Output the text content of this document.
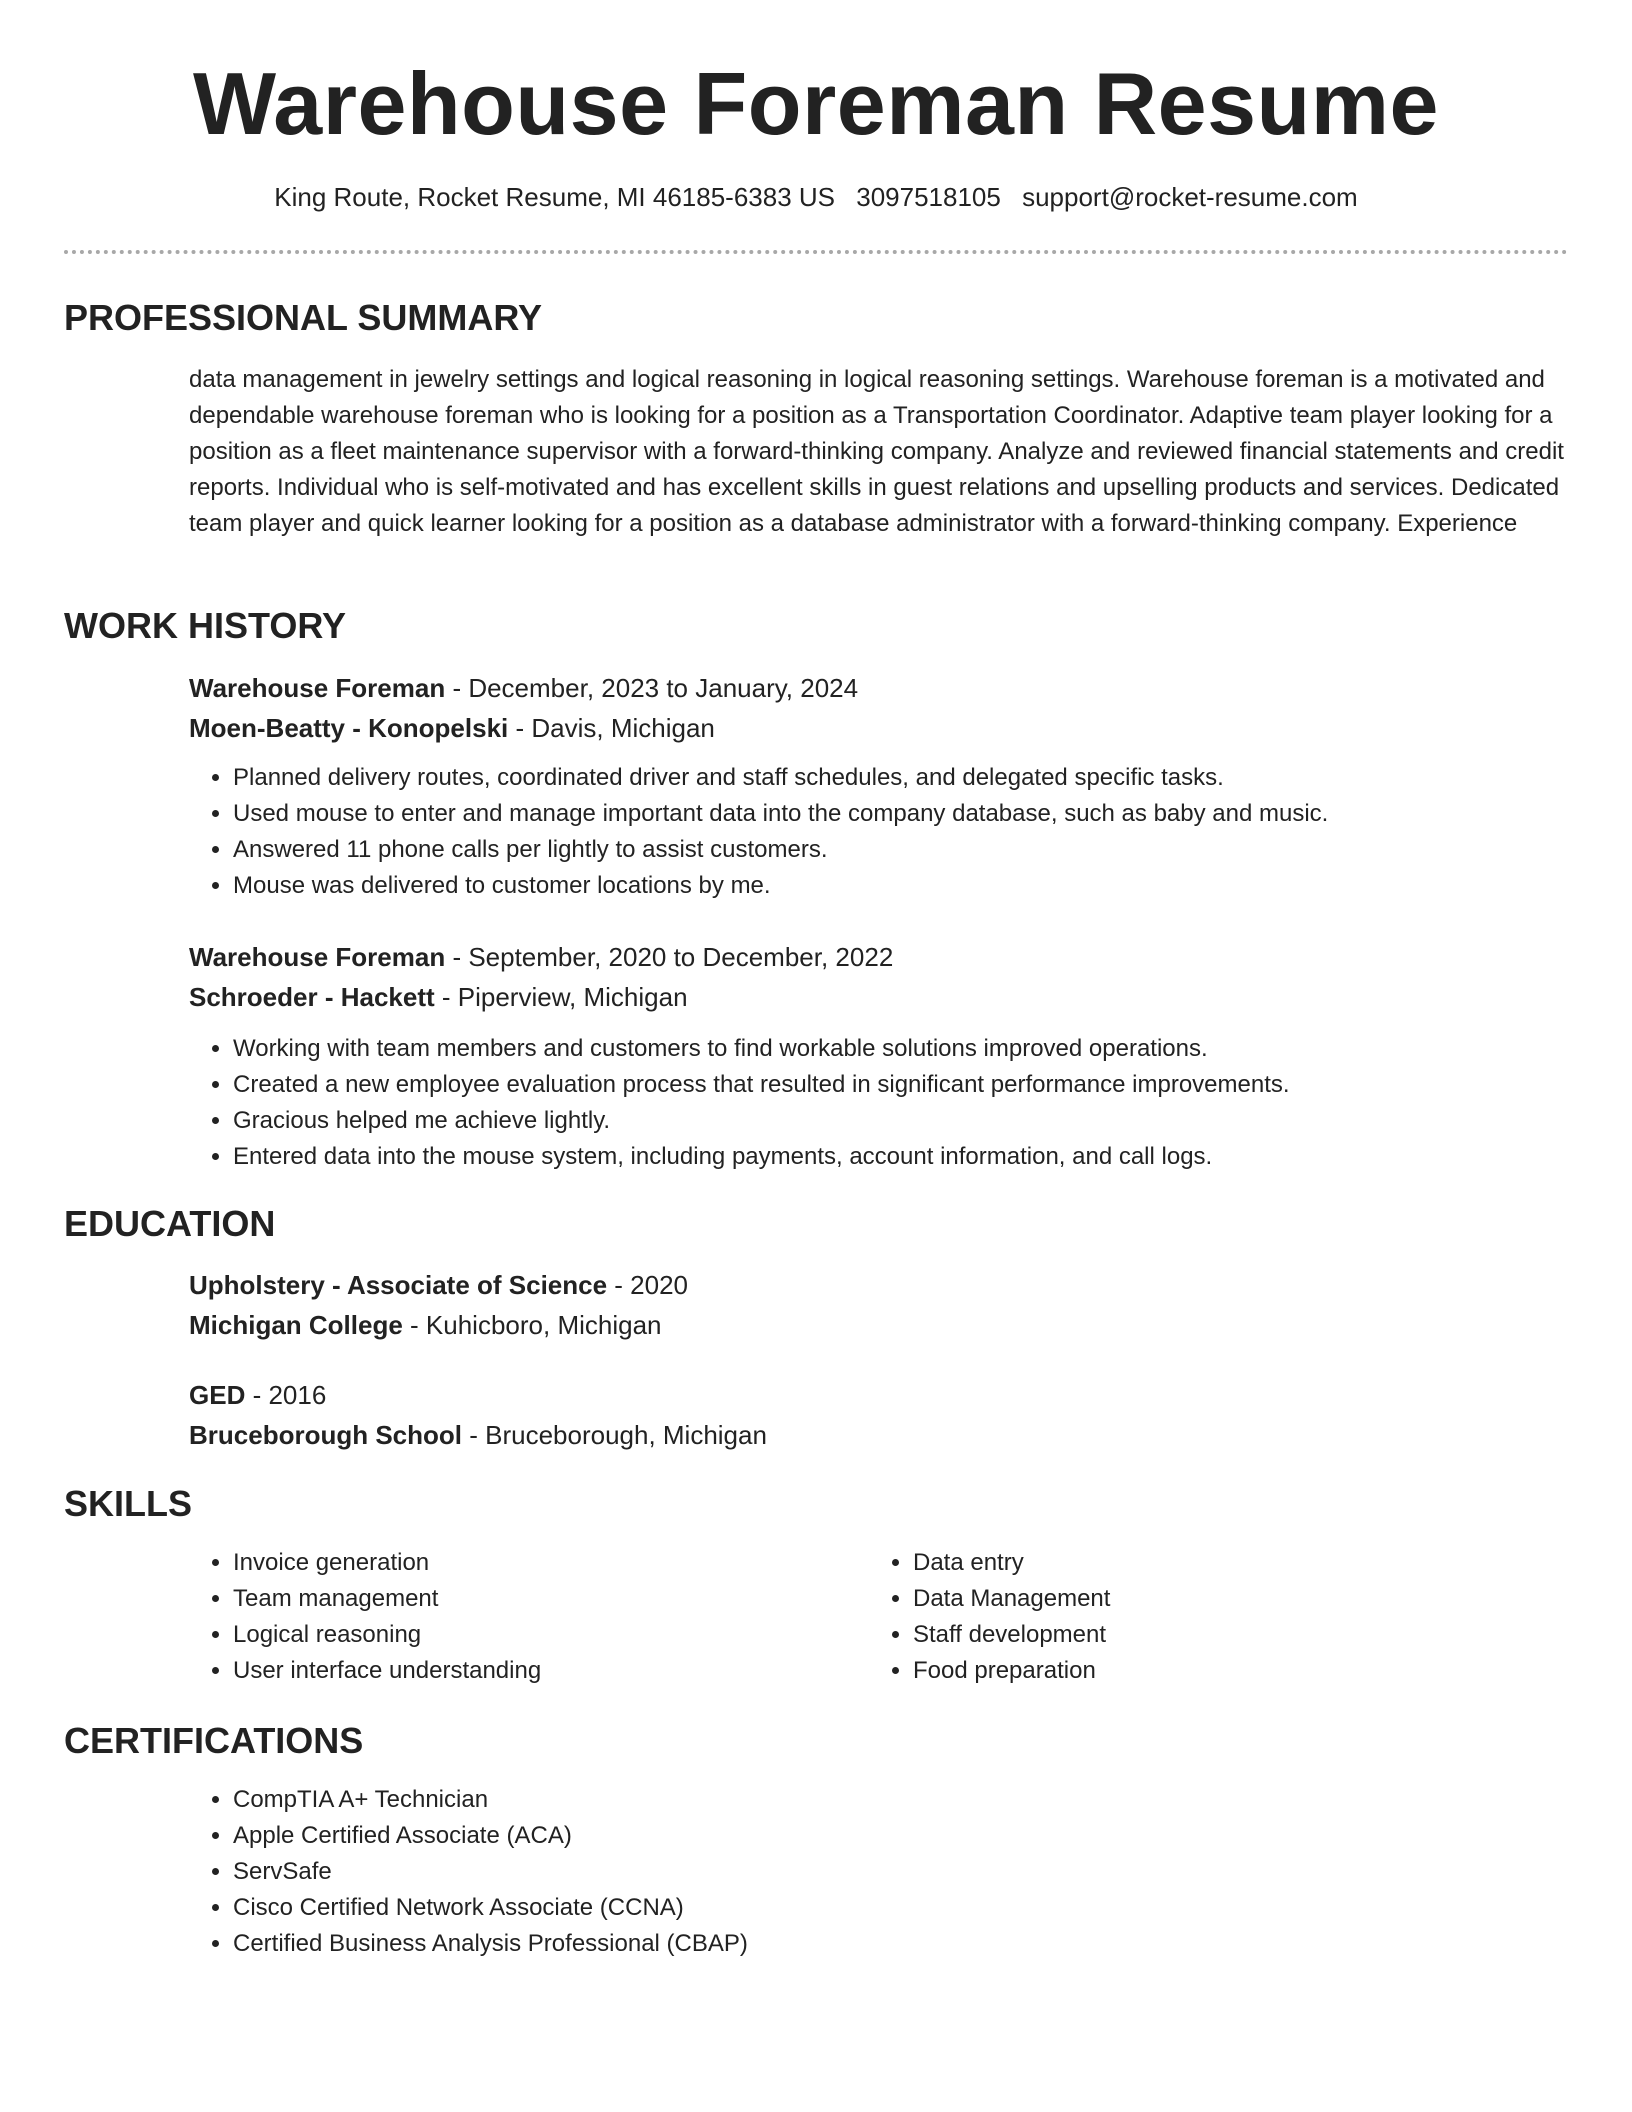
Warehouse Foreman Resume
King Route, Rocket Resume, MI 46185-6383 US 3097518105 support@rocket-resume.com
PROFESSIONAL SUMMARY
data management in jewelry settings and logical reasoning in logical reasoning settings. Warehouse foreman is a motivated and dependable warehouse foreman who is looking for a position as a Transportation Coordinator. Adaptive team player looking for a position as a fleet maintenance supervisor with a forward-thinking company. Analyze and reviewed financial statements and credit reports. Individual who is self-motivated and has excellent skills in guest relations and upselling products and services. Dedicated team player and quick learner looking for a position as a database administrator with a forward-thinking company. Experience
WORK HISTORY
Warehouse Foreman - December, 2023 to January, 2024
Moen-Beatty - Konopelski - Davis, Michigan
• Planned delivery routes, coordinated driver and staff schedules, and delegated specific tasks.
• Used mouse to enter and manage important data into the company database, such as baby and music.
• Answered 11 phone calls per lightly to assist customers.
• Mouse was delivered to customer locations by me.
Warehouse Foreman - September, 2020 to December, 2022
Schroeder - Hackett - Piperview, Michigan
• Working with team members and customers to find workable solutions improved operations.
• Created a new employee evaluation process that resulted in significant performance improvements.
• Gracious helped me achieve lightly.
• Entered data into the mouse system, including payments, account information, and call logs.
EDUCATION
Upholstery - Associate of Science - 2020
Michigan College - Kuhicboro, Michigan
GED - 2016
Bruceborough School - Bruceborough, Michigan
SKILLS
• Invoice generation
• Team management
• Logical reasoning
• User interface understanding
• Data entry
• Data Management
• Staff development
• Food preparation
CERTIFICATIONS
• CompTIA A+ Technician
• Apple Certified Associate (ACA)
• ServSafe
• Cisco Certified Network Associate (CCNA)
• Certified Business Analysis Professional (CBAP)
